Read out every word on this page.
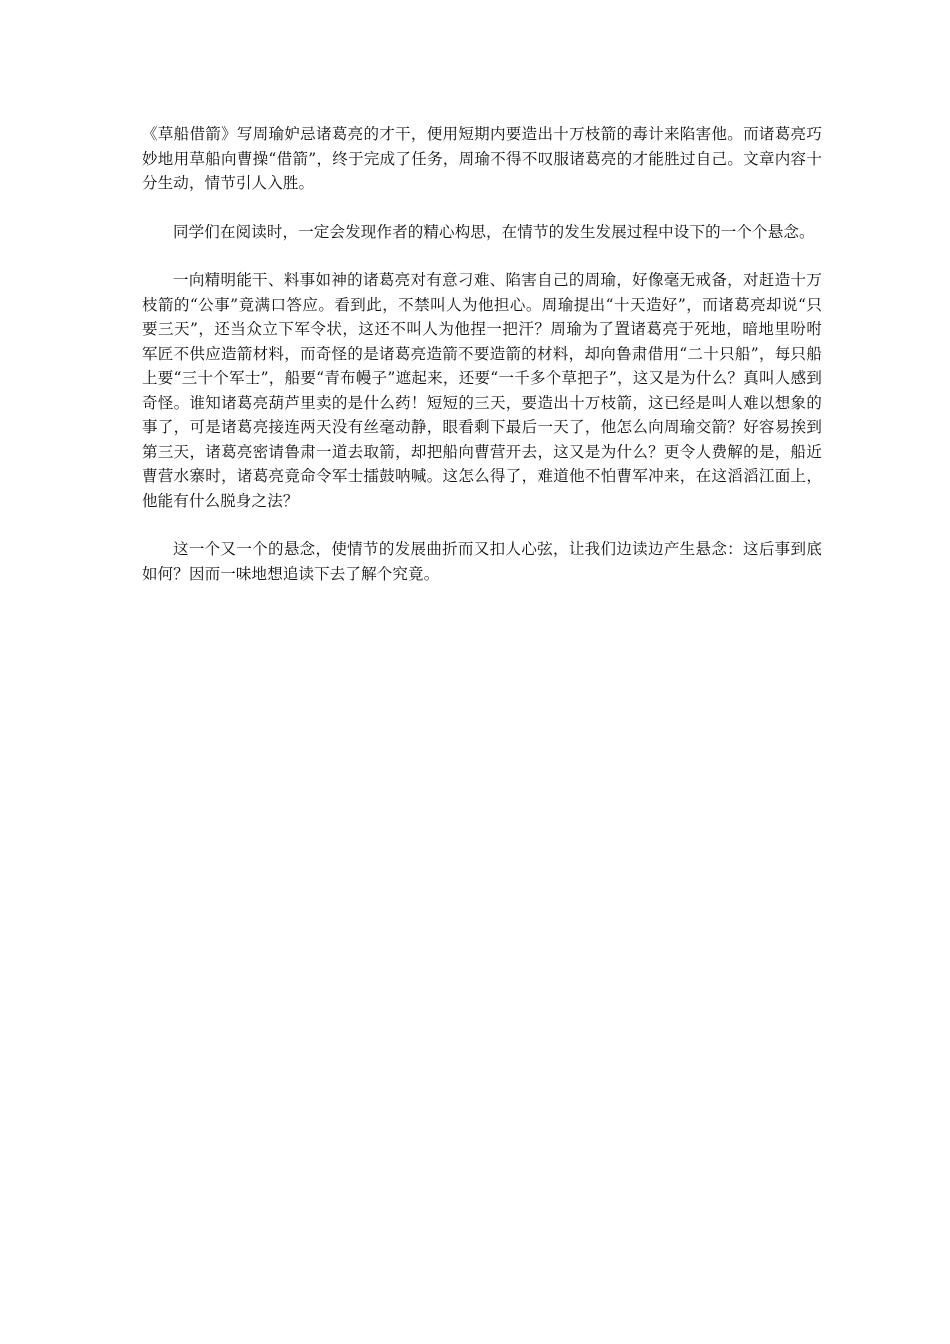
《草船借箭》写周瑜妒忌诸葛亮的才干，便用短期内要造出十万枝箭的毒计来陷害他。而诸葛亮巧妙地用草船向曹操“借箭”，终于完成了任务，周瑜不得不叹服诸葛亮的才能胜过自己。文章内容十分生动，情节引人入胜。

同学们在阅读时，一定会发现作者的精心构思，在情节的发生发展过程中设下的一个个悬念。

一向精明能干、料事如神的诸葛亮对有意刁难、陷害自己的周瑜，好像毫无戒备，对赶造十万枝箭的“公事”竟满口答应。看到此，不禁叫人为他担心。周瑜提出“十天造好”，而诸葛亮却说“只要三天”，还当众立下军令状，这还不叫人为他捏一把汗？周瑜为了置诸葛亮于死地，暗地里吩咐军匠不供应造箭材料，而奇怪的是诸葛亮造箭不要造箭的材料，却向鲁肃借用“二十只船”，每只船上要“三十个军士”，船要“青布幔子”遮起来，还要“一千多个草把子”，这又是为什么？真叫人感到奇怪。谁知诸葛亮葫芦里卖的是什么药！短短的三天，要造出十万枝箭，这已经是叫人难以想象的事了，可是诸葛亮接连两天没有丝毫动静，眼看剩下最后一天了，他怎么向周瑜交箭？好容易挨到第三天，诸葛亮密请鲁肃一道去取箭，却把船向曹营开去，这又是为什么？更令人费解的是，船近曹营水寨时，诸葛亮竟命令军士擂鼓呐喊。这怎么得了，难道他不怕曹军冲来，在这滔滔江面上，他能有什么脱身之法？

这一个又一个的悬念，使情节的发展曲折而又扣人心弦，让我们边读边产生悬念：这后事到底如何？因而一味地想追读下去了解个究竟。
